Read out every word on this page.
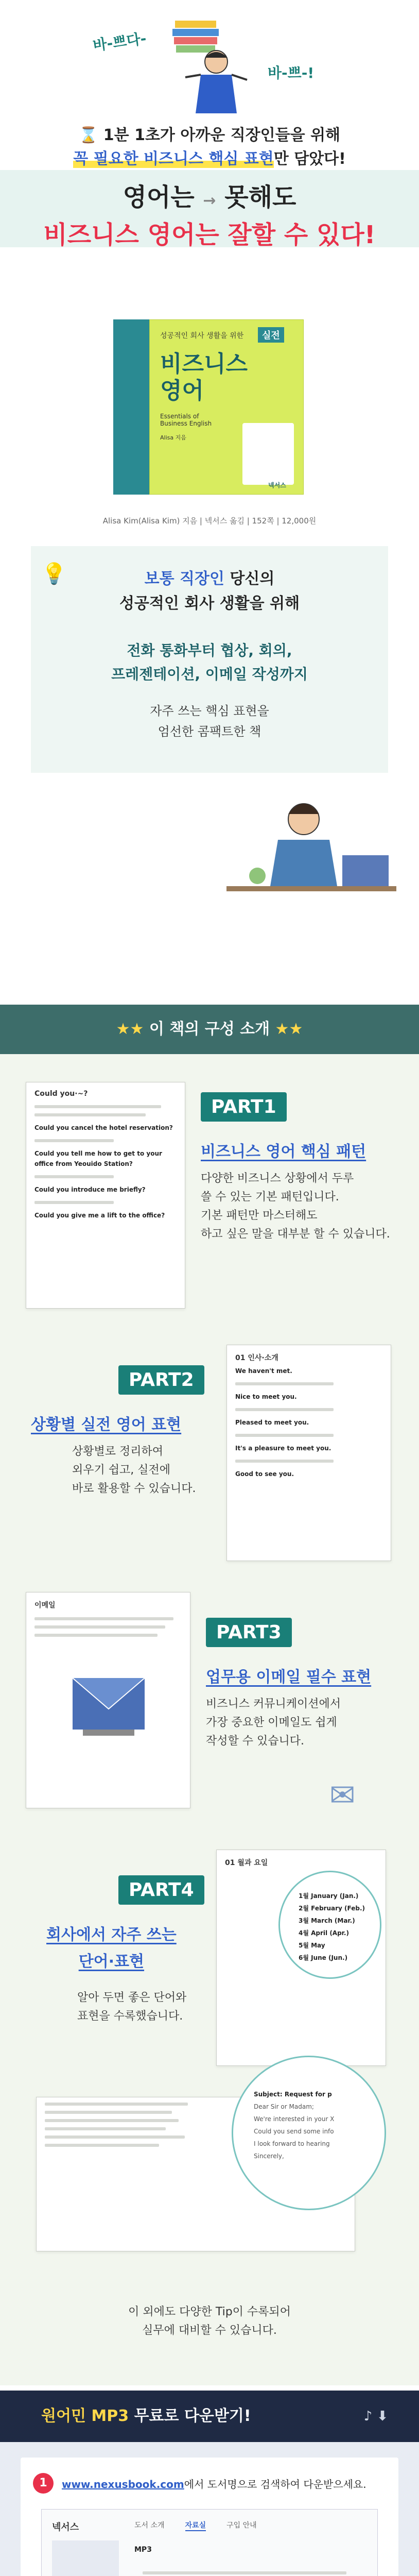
바-쁘다-
바-쁘-!
⌛ 1분 1초가 아까운 직장인들을 위해
꼭 필요한 비즈니스 핵심 표현만 담았다!
영어는 → 못해도
비즈니스 영어는 잘할 수 있다!
성공적인 회사 생활을 위한	실전
비즈니스
영어
Essentials of
Business English
Alisa 지음
넥서스
Alisa Kim(Alisa Kim) 지음 | 넥서스 옮김 | 152쪽 | 12,000원
💡	보통 직장인 당신의
성공적인 회사 생활을 위해
전화 통화부터 협상, 회의,
프레젠테이션, 이메일 작성까지
자주 쓰는 핵심 표현을
엄선한 콤팩트한 책
★★ 이 책의 구성 소개 ★★
Could you·~?
Could you cancel the hotel reservation?
Could you tell me how to get to your office from Yeouido Station?
Could you introduce me briefly?
Could you give me a lift to the office?
PART1
비즈니스 영어 핵심 패턴
다양한 비즈니스 상황에서 두루
쓸 수 있는 기본 패턴입니다.
기본 패턴만 마스터해도
하고 싶은 말을 대부분 할 수 있습니다.
01 인사·소개
We haven't met.
Nice to meet you.
Pleased to meet you.
It's a pleasure to meet you.
Good to see you.
PART2
상황별 실전 영어 표현
상황별로 정리하여
외우기 쉽고, 실전에
바로 활용할 수 있습니다.
이메일
PART3
업무용 이메일 필수 표현
비즈니스 커뮤니케이션에서
가장 중요한 이메일도 쉽게
작성할 수 있습니다.
✉
01 월과 요일
1월 January (Jan.)
2월 February (Feb.)
3월 March (Mar.)
4월 April (Apr.)
5월 May
6월 June (Jun.)
PART4
회사에서 자주 쓰는
단어·표현
알아 두면 좋은 단어와
표현을 수록했습니다.
Subject: Request for p
Dear Sir or Madam;
We're interested in your X
Could you send some info
I look forward to hearing
Sincerely,
이 외에도 다양한 Tip이 수록되어
실무에 대비할 수 있습니다.
원어민 MP3 무료로 다운받기!	♪ ⬇
1	www.nexusbook.com에서 도서명으로 검색하여 다운받으세요.
넥서스	도서 소개	자료실	구입 안내
MP3
